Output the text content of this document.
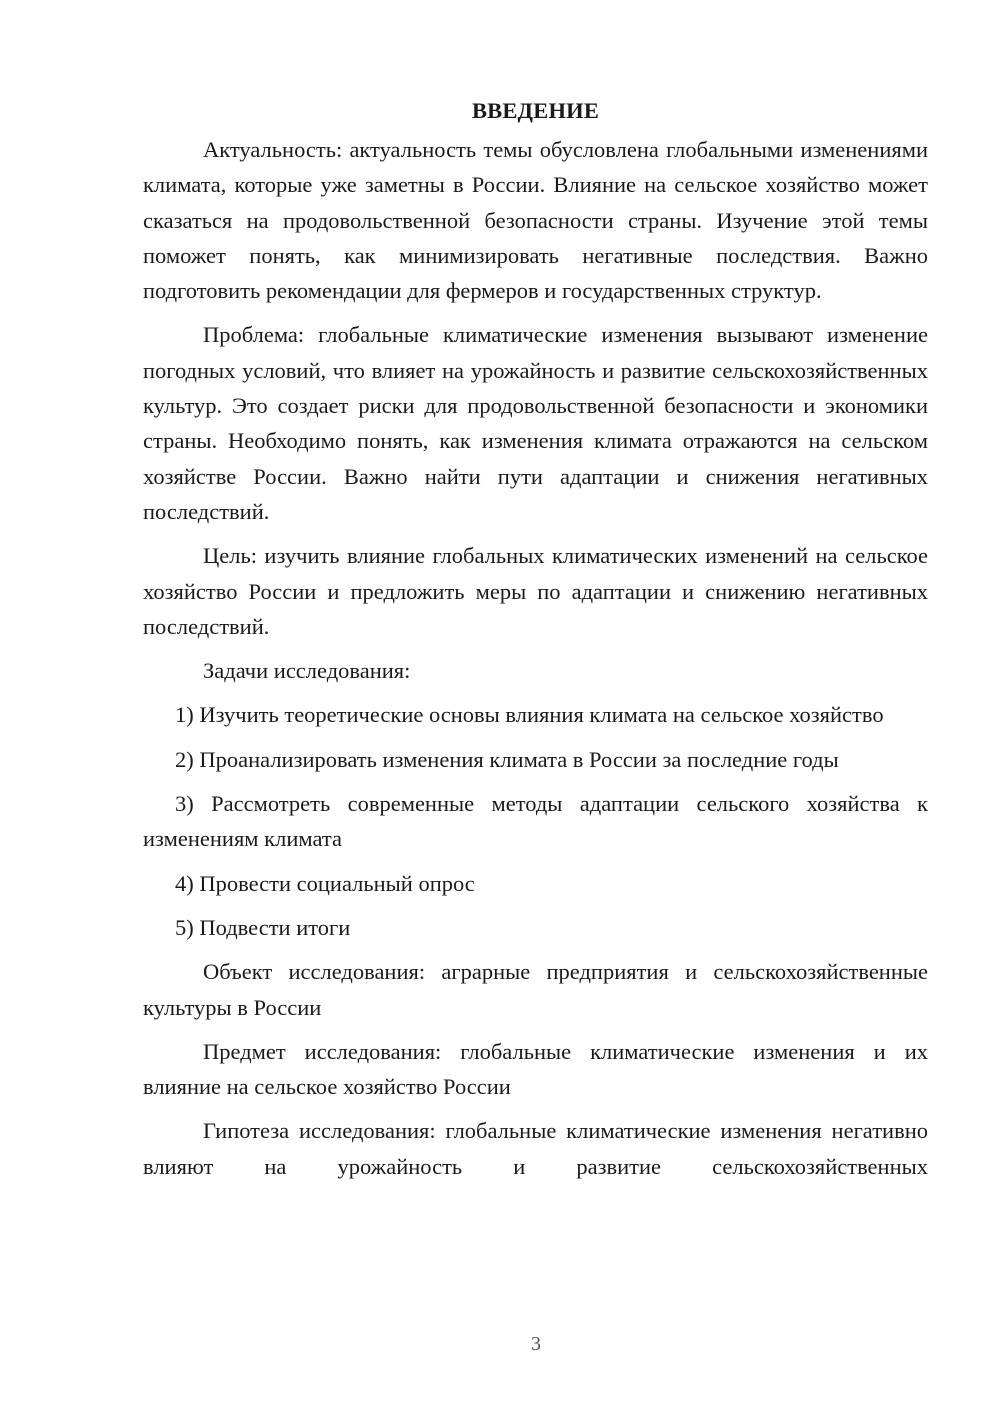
ВВЕДЕНИЕ

Актуальность: актуальность темы обусловлена глобальными изменениями климата, которые уже заметны в России. Влияние на сельское хозяйство может сказаться на продовольственной безопасности страны. Изучение этой темы поможет понять, как минимизировать негативные последствия. Важно подготовить рекомендации для фермеров и государственных структур.

Проблема: глобальные климатические изменения вызывают изменение погодных условий, что влияет на урожайность и развитие сельскохозяйственных культур. Это создает риски для продовольственной безопасности и экономики страны. Необходимо понять, как изменения климата отражаются на сельском хозяйстве России. Важно найти пути адаптации и снижения негативных последствий.

Цель: изучить влияние глобальных климатических изменений на сельское хозяйство России и предложить меры по адаптации и снижению негативных последствий.

Задачи исследования:

1) Изучить теоретические основы влияния климата на сельское хозяйство

2) Проанализировать изменения климата в России за последние годы

3) Рассмотреть современные методы адаптации сельского хозяйства к изменениям климата

4) Провести социальный опрос

5) Подвести итоги

Объект исследования: аграрные предприятия и сельскохозяйственные культуры в России

Предмет исследования: глобальные климатические изменения и их влияние на сельское хозяйство России

Гипотеза исследования: глобальные климатические изменения негативно влияют на урожайность и развитие сельскохозяйственных

3
